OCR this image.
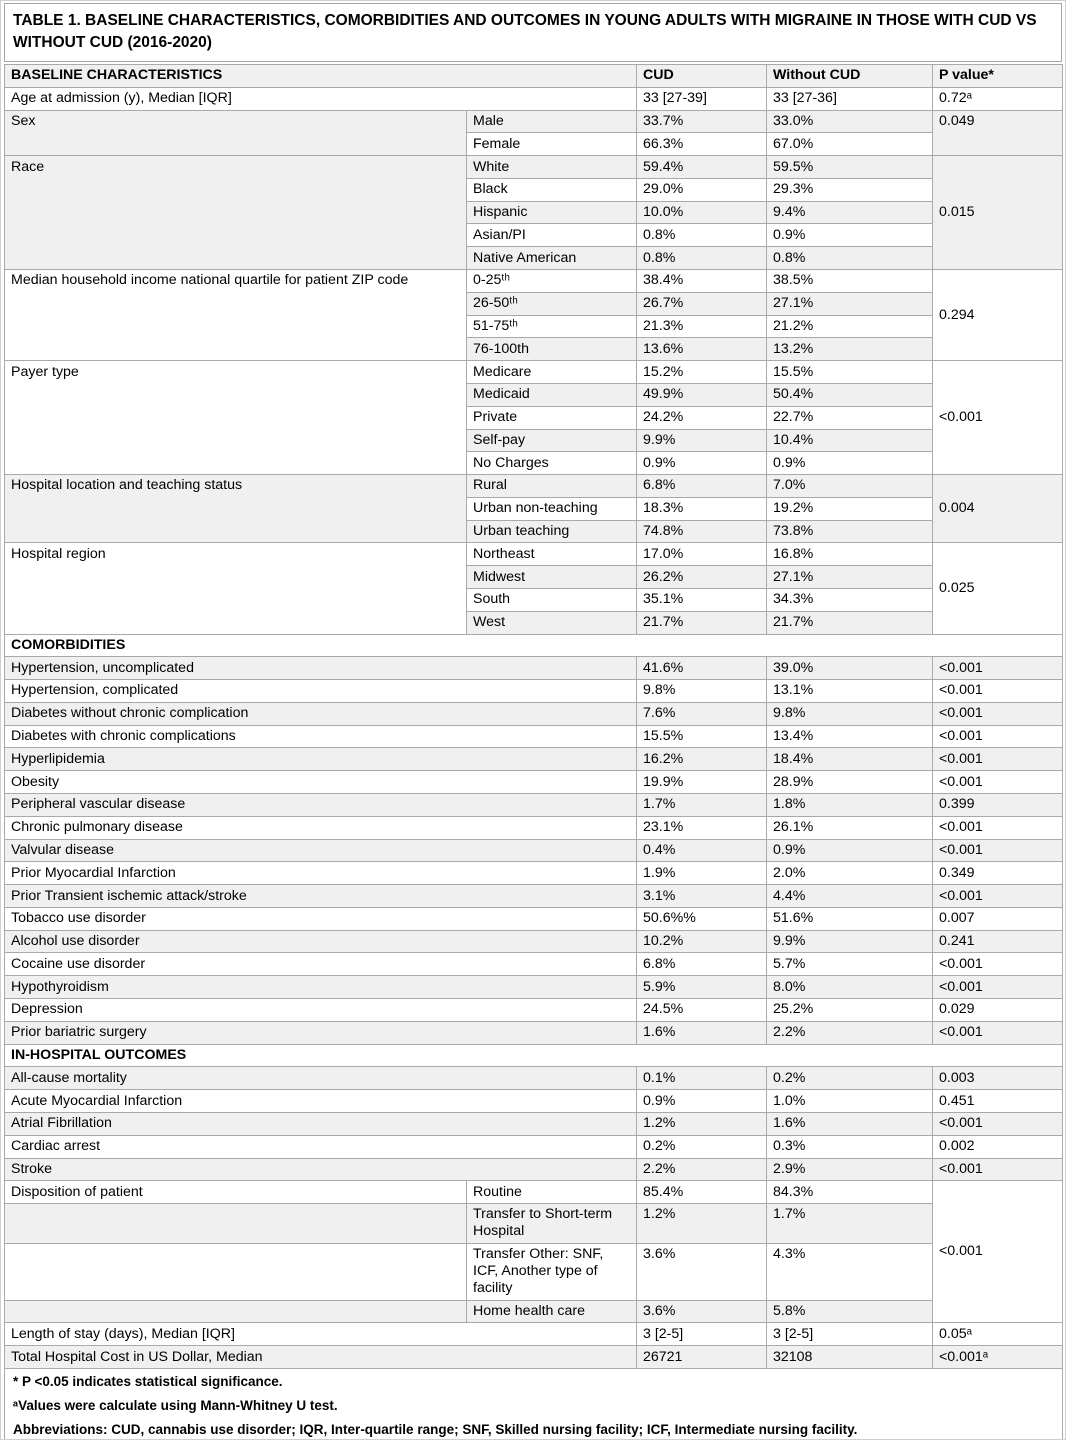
TABLE 1. BASELINE CHARACTERISTICS, COMORBIDITIES AND OUTCOMES IN YOUNG ADULTS WITH MIGRAINE IN THOSE WITH CUD VS WITHOUT CUD (2016-2020)
BASELINE CHARACTERISTICS		CUD	Without CUD	P value*
Age at admission (y), Median [IQR]		33 [27-39]	33 [27-36]	0.72ᵃ
Sex	Male	33.7%	33.0%	0.049
	Female	66.3%	67.0%	
Race	White	59.4%	59.5%	0.015
	Black	29.0%	29.3%	
	Hispanic	10.0%	9.4%	
	Asian/PI	0.8%	0.9%	
	Native American	0.8%	0.8%	
Median household income national quartile for patient ZIP code	0-25ᵗʰ	38.4%	38.5%	0.294
	26-50ᵗʰ	26.7%	27.1%	
	51-75ᵗʰ	21.3%	21.2%	
	76-100th	13.6%	13.2%	
Payer type	Medicare	15.2%	15.5%	<0.001
	Medicaid	49.9%	50.4%	
	Private	24.2%	22.7%	
	Self-pay	9.9%	10.4%	
	No Charges	0.9%	0.9%	
Hospital location and teaching status	Rural	6.8%	7.0%	0.004
	Urban non-teaching	18.3%	19.2%	
	Urban teaching	74.8%	73.8%	
Hospital region	Northeast	17.0%	16.8%	0.025
	Midwest	26.2%	27.1%	
	South	35.1%	34.3%	
	West	21.7%	21.7%	
COMORBIDITIES				
Hypertension, uncomplicated		41.6%	39.0%	<0.001
Hypertension, complicated		9.8%	13.1%	<0.001
Diabetes without chronic complication		7.6%	9.8%	<0.001
Diabetes with chronic complications		15.5%	13.4%	<0.001
Hyperlipidemia		16.2%	18.4%	<0.001
Obesity		19.9%	28.9%	<0.001
Peripheral vascular disease		1.7%	1.8%	0.399
Chronic pulmonary disease		23.1%	26.1%	<0.001
Valvular disease		0.4%	0.9%	<0.001
Prior Myocardial Infarction		1.9%	2.0%	0.349
Prior Transient ischemic attack/stroke		3.1%	4.4%	<0.001
Tobacco use disorder		50.6%%	51.6%	0.007
Alcohol use disorder		10.2%	9.9%	0.241
Cocaine use disorder		6.8%	5.7%	<0.001
Hypothyroidism		5.9%	8.0%	<0.001
Depression		24.5%	25.2%	0.029
Prior bariatric surgery		1.6%	2.2%	<0.001
IN-HOSPITAL OUTCOMES				
All-cause mortality		0.1%	0.2%	0.003
Acute Myocardial Infarction		0.9%	1.0%	0.451
Atrial Fibrillation		1.2%	1.6%	<0.001
Cardiac arrest		0.2%	0.3%	0.002
Stroke		2.2%	2.9%	<0.001
Disposition of patient	Routine	85.4%	84.3%	<0.001
	Transfer to Short-term Hospital	1.2%	1.7%	
	Transfer Other: SNF, ICF, Another type of facility	3.6%	4.3%	
	Home health care	3.6%	5.8%	
Length of stay (days), Median [IQR]		3 [2-5]	3 [2-5]	0.05ᵃ
Total Hospital Cost in US Dollar, Median		26721	32108	<0.001ᵃ

* P <0.05 indicates statistical significance.
ᵃValues were calculate using Mann-Whitney U test.
Abbreviations: CUD, cannabis use disorder; IQR, Inter-quartile range; SNF, Skilled nursing facility; ICF, Intermediate nursing facility.				
